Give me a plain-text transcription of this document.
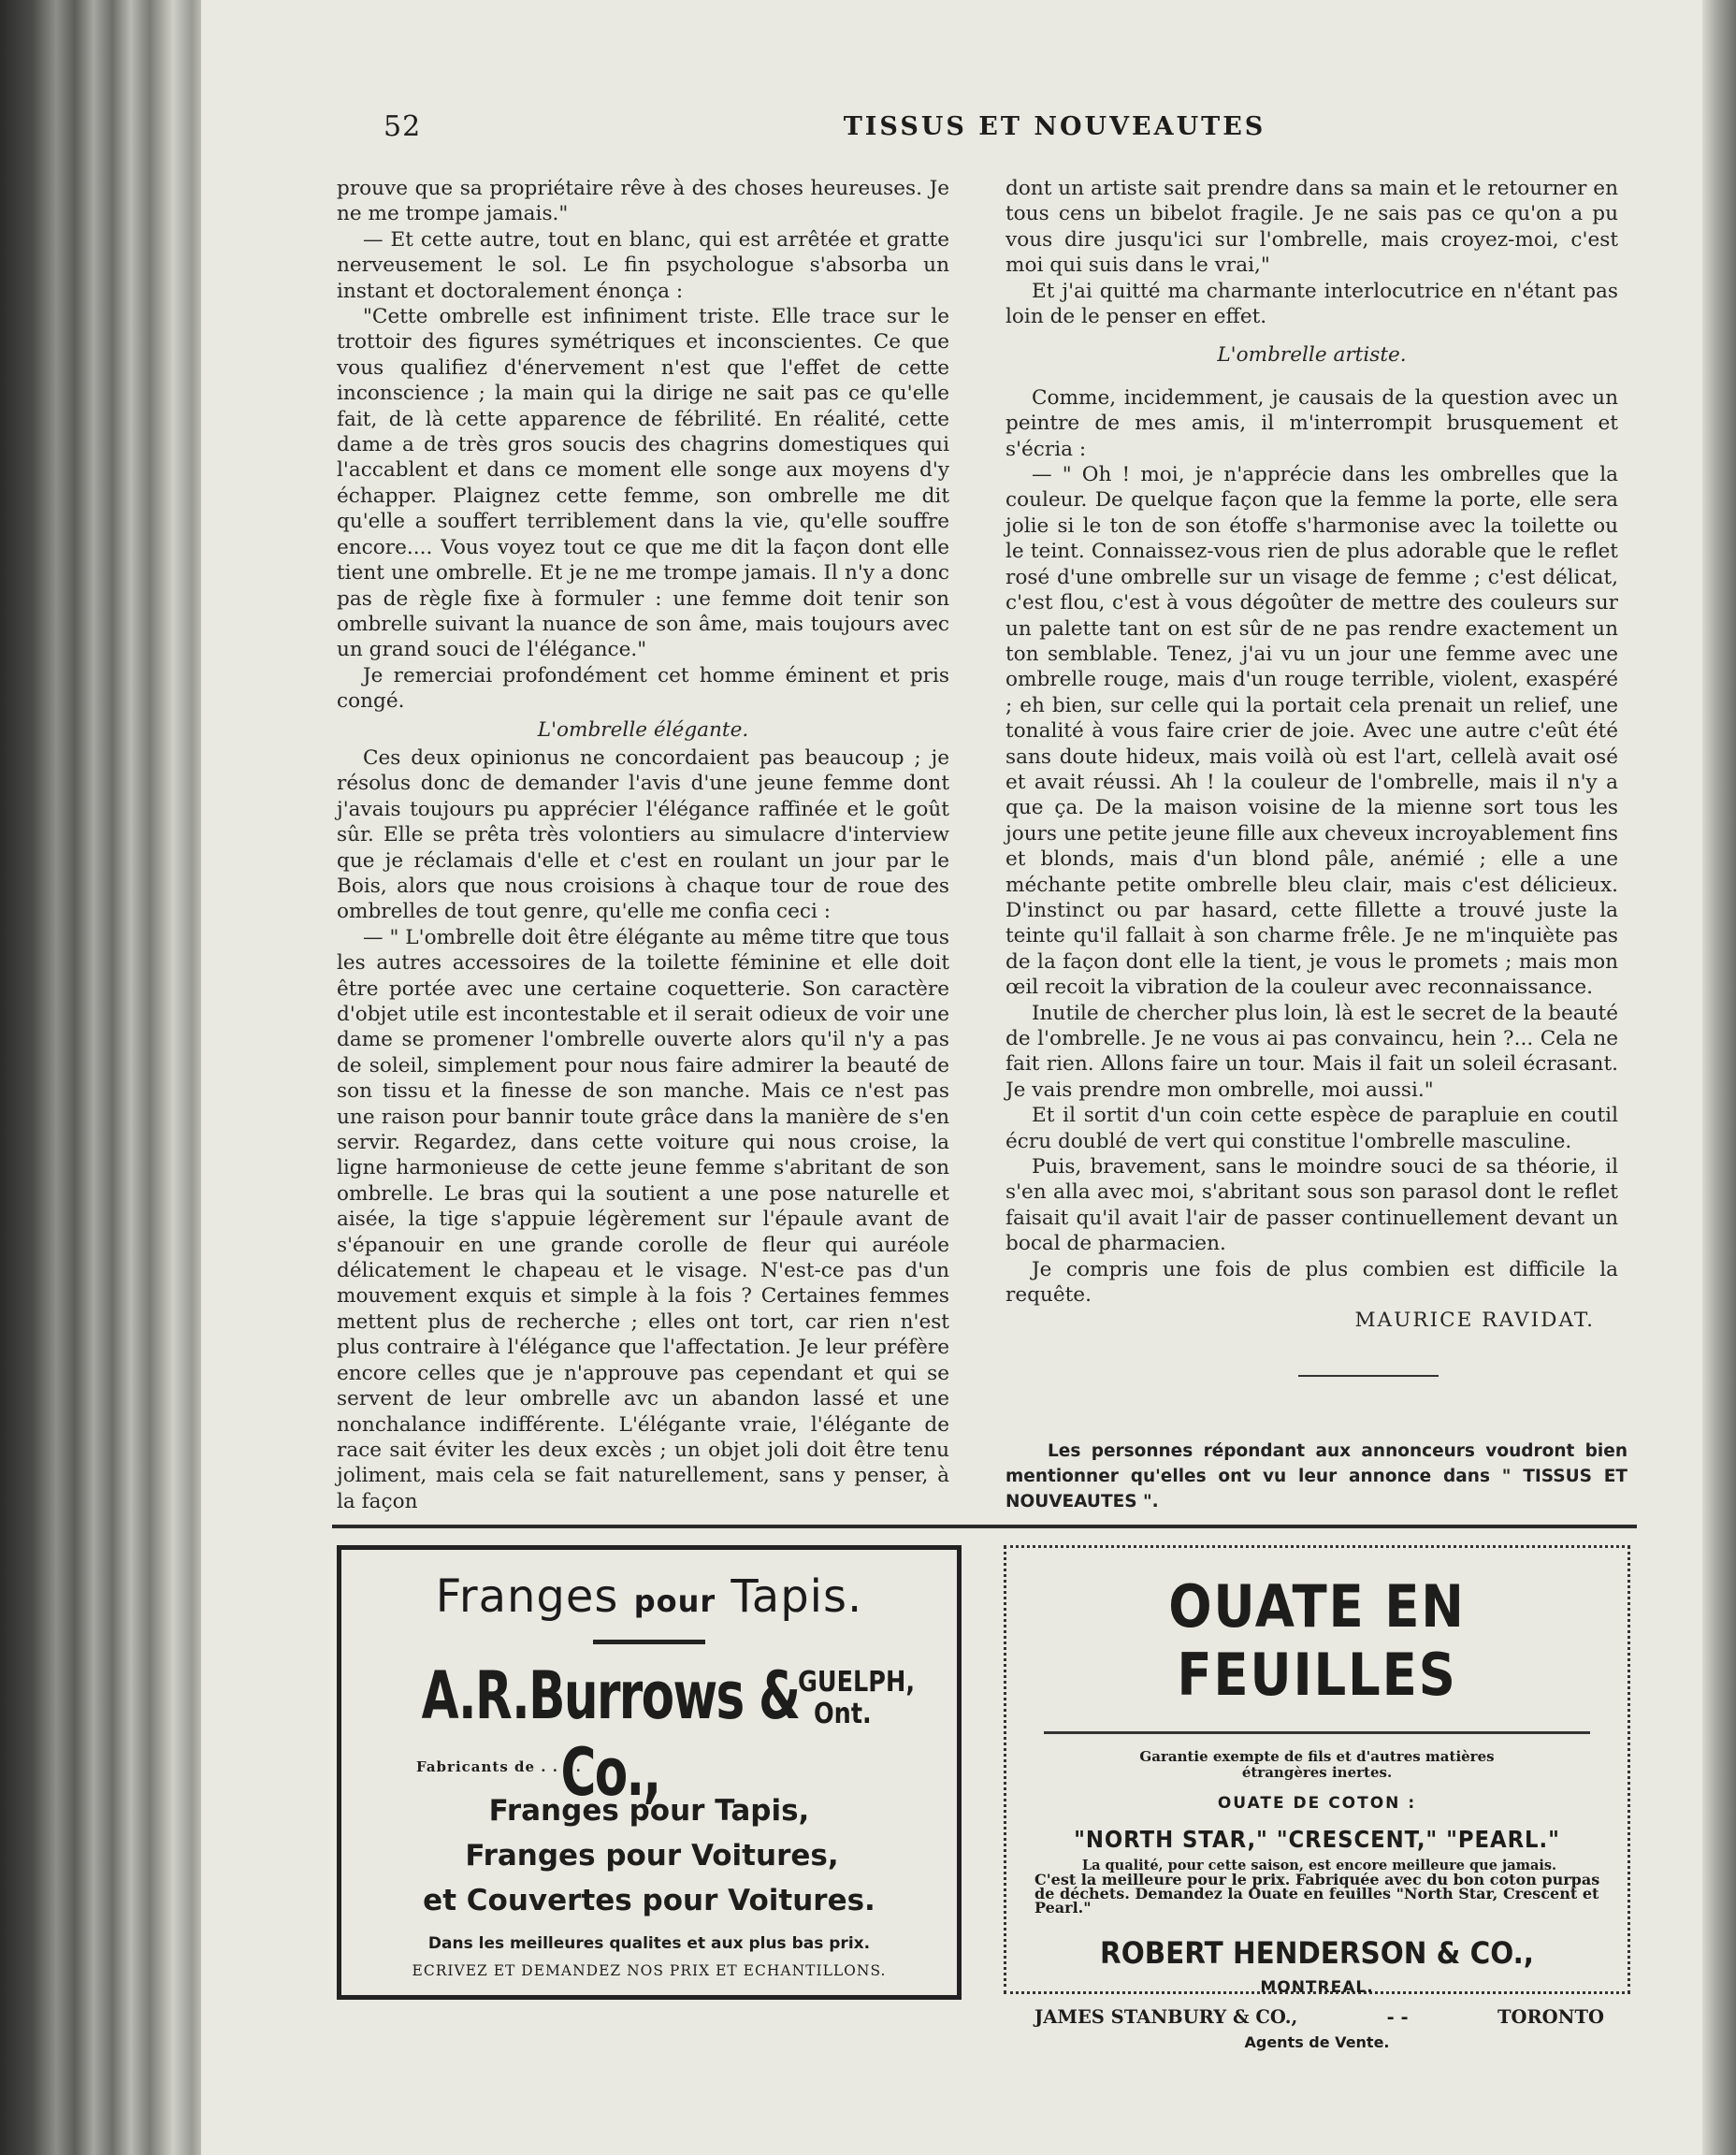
52	TISSUS ET NOUVEAUTES

prouve que sa propriétaire rêve à des choses heureuses. Je ne me trompe jamais."

— Et cette autre, tout en blanc, qui est arrêtée et gratte nerveusement le sol. Le fin psychologue s'absorba un instant et doctoralement énonça :

"Cette ombrelle est infiniment triste. Elle trace sur le trottoir des figures symétriques et inconscientes. Ce que vous qualifiez d'énervement n'est que l'effet de cette inconscience ; la main qui la dirige ne sait pas ce qu'elle fait, de là cette apparence de fébrilité. En réalité, cette dame a de très gros soucis des chagrins domestiques qui l'accablent et dans ce moment elle songe aux moyens d'y échapper. Plaignez cette femme, son ombrelle me dit qu'elle a souffert terriblement dans la vie, qu'elle souffre encore.... Vous voyez tout ce que me dit la façon dont elle tient une ombrelle. Et je ne me trompe jamais. Il n'y a donc pas de règle fixe à formuler : une femme doit tenir son ombrelle suivant la nuance de son âme, mais toujours avec un grand souci de l'élégance."

Je remerciai profondément cet homme éminent et pris congé.

L'ombrelle élégante.

Ces deux opinionus ne concordaient pas beaucoup ; je résolus donc de demander l'avis d'une jeune femme dont j'avais toujours pu apprécier l'élégance raffinée et le goût sûr. Elle se prêta très volontiers au simulacre d'interview que je réclamais d'elle et c'est en roulant un jour par le Bois, alors que nous croisions à chaque tour de roue des ombrelles de tout genre, qu'elle me confia ceci :

— " L'ombrelle doit être élégante au même titre que tous les autres accessoires de la toilette féminine et elle doit être portée avec une certaine coquetterie. Son caractère d'objet utile est incontestable et il serait odieux de voir une dame se promener l'ombrelle ouverte alors qu'il n'y a pas de soleil, simplement pour nous faire admirer la beauté de son tissu et la finesse de son manche. Mais ce n'est pas une raison pour bannir toute grâce dans la manière de s'en servir. Regardez, dans cette voiture qui nous croise, la ligne harmonieuse de cette jeune femme s'abritant de son ombrelle. Le bras qui la soutient a une pose naturelle et aisée, la tige s'appuie légèrement sur l'épaule avant de s'épanouir en une grande corolle de fleur qui auréole délicatement le chapeau et le visage. N'est-ce pas d'un mouvement exquis et simple à la fois ? Certaines femmes mettent plus de recherche ; elles ont tort, car rien n'est plus contraire à l'élégance que l'affectation. Je leur préfère encore celles que je n'approuve pas cependant et qui se servent de leur ombrelle avc un abandon lassé et une nonchalance indifférente. L'élégante vraie, l'élégante de race sait éviter les deux excès ; un objet joli doit être tenu joliment, mais cela se fait naturellement, sans y penser, à la façon

dont un artiste sait prendre dans sa main et le retourner en tous cens un bibelot fragile. Je ne sais pas ce qu'on a pu vous dire jusqu'ici sur l'ombrelle, mais croyez-moi, c'est moi qui suis dans le vrai,"

Et j'ai quitté ma charmante interlocutrice en n'étant pas loin de le penser en effet.

L'ombrelle artiste.

Comme, incidemment, je causais de la question avec un peintre de mes amis, il m'interrompit brusquement et s'écria :

— " Oh ! moi, je n'apprécie dans les ombrelles que la couleur. De quelque façon que la femme la porte, elle sera jolie si le ton de son étoffe s'harmonise avec la toilette ou le teint. Connaissez-vous rien de plus adorable que le reflet rosé d'une ombrelle sur un visage de femme ; c'est délicat, c'est flou, c'est à vous dégoûter de mettre des couleurs sur un palette tant on est sûr de ne pas rendre exactement un ton semblable. Tenez, j'ai vu un jour une femme avec une ombrelle rouge, mais d'un rouge terrible, violent, exaspéré ; eh bien, sur celle qui la portait cela prenait un relief, une tonalité à vous faire crier de joie. Avec une autre c'eût été sans doute hideux, mais voilà où est l'art, cellelà avait osé et avait réussi. Ah ! la couleur de l'ombrelle, mais il n'y a que ça. De la maison voisine de la mienne sort tous les jours une petite jeune fille aux cheveux incroyablement fins et blonds, mais d'un blond pâle, anémié ; elle a une méchante petite ombrelle bleu clair, mais c'est délicieux. D'instinct ou par hasard, cette fillette a trouvé juste la teinte qu'il fallait à son charme frêle. Je ne m'inquiète pas de la façon dont elle la tient, je vous le promets ; mais mon œil recoit la vibration de la couleur avec reconnaissance.

Inutile de chercher plus loin, là est le secret de la beauté de l'ombrelle. Je ne vous ai pas convaincu, hein ?... Cela ne fait rien. Allons faire un tour. Mais il fait un soleil écrasant. Je vais prendre mon ombrelle, moi aussi."

Et il sortit d'un coin cette espèce de parapluie en coutil écru doublé de vert qui constitue l'ombrelle masculine.

Puis, bravement, sans le moindre souci de sa théorie, il s'en alla avec moi, s'abritant sous son parasol dont le reflet faisait qu'il avait l'air de passer continuellement devant un bocal de pharmacien.

Je compris une fois de plus combien est difficile la requête.

MAURICE RAVIDAT.

Les personnes répondant aux annonceurs voudront bien mentionner qu'elles ont vu leur annonce dans " TISSUS ET NOUVEAUTES ".
Franges pour Tapis.
A.R.Burrows & Co.,
GUELPH,
Ont.
Fabricants de . . . .
Franges pour Tapis,
Franges pour Voitures,
et Couvertes pour Voitures.
Dans les meilleures qualites et aux plus bas prix.
ECRIVEZ ET DEMANDEZ NOS PRIX ET ECHANTILLONS.
OUATE EN FEUILLES
Garantie exempte de fils et d'autres matières
étrangères inertes.
OUATE DE COTON :
"NORTH STAR," "CRESCENT," "PEARL."
La qualité, pour cette saison, est encore meilleure que jamais.
C'est la meilleure pour le prix. Fabriquée avec du bon coton purpas de déchets. Demandez la Ouate en feuilles "North Star, Crescent et Pearl."
ROBERT HENDERSON & CO.,
MONTREAL.
JAMES STANBURY & CO.,	- -	TORONTO
Agents de Vente.
